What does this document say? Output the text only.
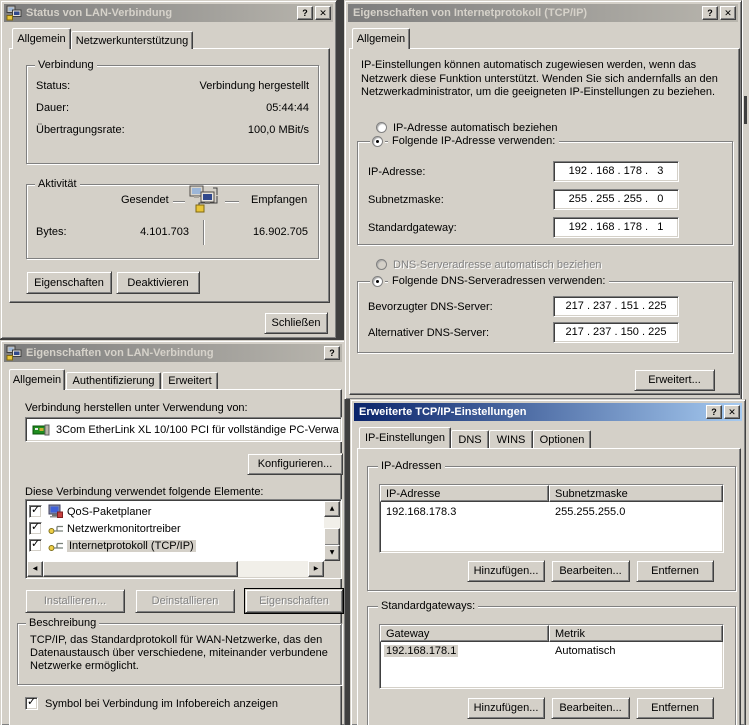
Eigenschaften von LAN-Verbindung	?
Allgemein Authentifizierung Erweitert
Verbindung herstellen unter Verwendung von:
3Com EtherLink XL 10/100 PCI für vollständige PC-Verwa
Konfigurieren...
Diese Verbindung verwendet folgende Elemente:
✓ QoS-Paketplaner
✓ Netzwerkmonitortreiber
✓	Internetprotokoll (TCP/IP)
▲
▼
◀	▶
Installieren...	Deinstallieren	Eigenschaften
Beschreibung
TCP/IP, das Standardprotokoll für WAN-Netzwerke, das den Datenaustausch über verschiedene, miteinander verbundene Netzwerke ermöglicht.
✓ Symbol bei Verbindung im Infobereich anzeigen
Status von LAN-Verbindung	?	✕
Allgemein Netzwerkunterstützung
Verbindung
Status:	Verbindung hergestellt
Dauer:	05:44:44
Übertragungsrate:	100,0 MBit/s
Aktivität
Gesendet	Empfangen
Bytes:	4.101.703	16.902.705
Eigenschaften Deaktivieren
Schließen
Eigenschaften von Internetprotokoll (TCP/IP)	?	✕
Allgemein
IP-Einstellungen können automatisch zugewiesen werden, wenn das Netzwerk diese Funktion unterstützt. Wenden Sie sich andernfalls an den Netzwerkadministrator, um die geeigneten IP-Einstellungen zu beziehen.
IP-Adresse automatisch beziehen
Folgende IP-Adresse verwenden:
IP-Adresse:	192 . 168 . 178 .   3
Subnetzmaske:	255 . 255 . 255 .   0
Standardgateway:	192 . 168 . 178 .   1
DNS-Serveradresse automatisch beziehen
Folgende DNS-Serveradressen verwenden:
Bevorzugter DNS-Server:	217 . 237 . 151 . 225
Alternativer DNS-Server:	217 . 237 . 150 . 225
Erweitert...
Erweiterte TCP/IP-Einstellungen	?	✕
IP-Einstellungen DNS WINS Optionen
IP-Adressen
IP-Adresse	Subnetzmaske
192.168.178.3	255.255.255.0
Hinzufügen... Bearbeiten...	Entfernen
Standardgateways:
Gateway	Metrik
192.168.178.1	Automatisch
Hinzufügen... Bearbeiten...	Entfernen
